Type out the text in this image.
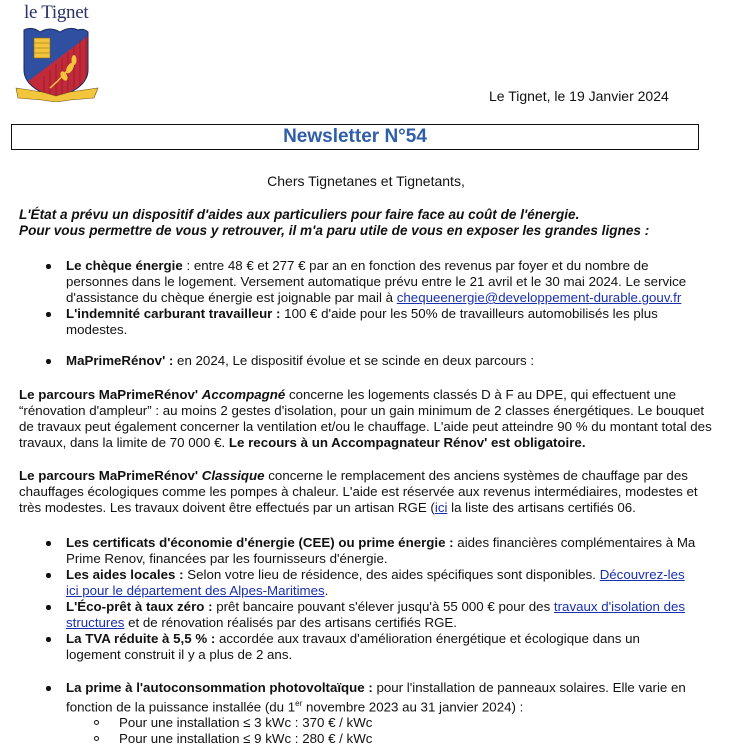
le Tignet
Le Tignet, le 19 Janvier 2024
Newsletter N°54
Chers Tignetanes et Tignetants,
L'État a prévu un dispositif d'aides aux particuliers pour faire face au coût de l'énergie.
Pour vous permettre de vous y retrouver, il m'a paru utile de vous en exposer les grandes lignes :
Le chèque énergie : entre 48 € et 277 € par an en fonction des revenus par foyer et du nombre de personnes dans le logement. Versement automatique prévu entre le 21 avril et le 30 mai 2024. Le service d'assistance du chèque énergie est joignable par mail à chequeenergie@developpement-durable.gouv.fr
L'indemnité carburant travailleur : 100 € d'aide pour les 50% de travailleurs automobilisés les plus modestes.
MaPrimeRénov' : en 2024, Le dispositif évolue et se scinde en deux parcours :
Le parcours MaPrimeRénov' Accompagné concerne les logements classés D à F au DPE, qui effectuent une “rénovation d'ampleur” : au moins 2 gestes d'isolation, pour un gain minimum de 2 classes énergétiques. Le bouquet de travaux peut également concerner la ventilation et/ou le chauffage. L'aide peut atteindre 90 % du montant total des travaux, dans la limite de 70 000 €. Le recours à un Accompagnateur Rénov' est obligatoire.
Le parcours MaPrimeRénov' Classique concerne le remplacement des anciens systèmes de chauffage par des chauffages écologiques comme les pompes à chaleur. L'aide est réservée aux revenus intermédiaires, modestes et très modestes. Les travaux doivent être effectués par un artisan RGE (ici la liste des artisans certifiés 06.
Les certificats d'économie d'énergie (CEE) ou prime énergie : aides financières complémentaires à Ma Prime Renov, financées par les fournisseurs d'énergie.
Les aides locales : Selon votre lieu de résidence, des aides spécifiques sont disponibles. Découvrez-les ici pour le département des Alpes-Maritimes.
L'Éco-prêt à taux zéro : prêt bancaire pouvant s'élever jusqu'à 55 000 € pour des travaux d'isolation des structures et de rénovation réalisés par des artisans certifiés RGE.
La TVA réduite à 5,5 % : accordée aux travaux d'amélioration énergétique et écologique dans un logement construit il y a plus de 2 ans.
La prime à l'autoconsommation photovoltaïque : pour l'installation de panneaux solaires. Elle varie en fonction de la puissance installée (du 1er novembre 2023 au 31 janvier 2024) :
Pour une installation ≤ 3 kWc : 370 € / kWc
Pour une installation ≤ 9 kWc : 280 € / kWc
